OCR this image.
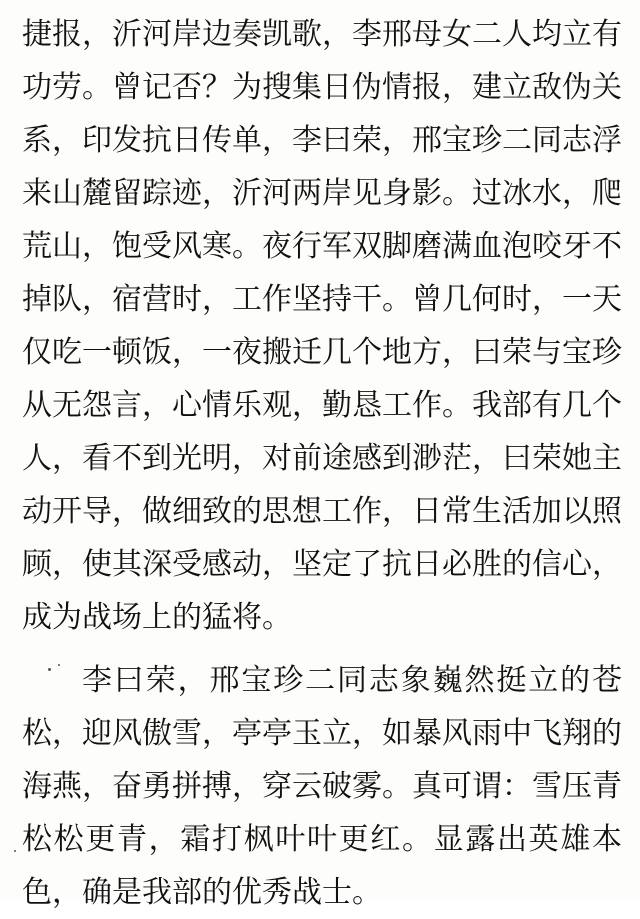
捷报，沂河岸边奏凯歌，李邢母女二人均立有
功劳。曾记否？为搜集日伪情报，建立敌伪关
系，印发抗日传单，李曰荣，邢宝珍二同志浮
来山麓留踪迹，沂河两岸见身影。过冰水，爬
荒山，饱受风寒。夜行军双脚磨满血泡咬牙不
掉队，宿营时，工作坚持干。曾几何时，一天
仅吃一顿饭，一夜搬迁几个地方，曰荣与宝珍
从无怨言，心情乐观，勤恳工作。我部有几个
人，看不到光明，对前途感到渺茫，曰荣她主
动开导，做细致的思想工作，日常生活加以照
顾，使其深受感动，坚定了抗日必胜的信心，
成为战场上的猛将。
李曰荣，邢宝珍二同志象巍然挺立的苍
松，迎风傲雪，亭亭玉立，如暴风雨中飞翔的
海燕，奋勇拼搏，穿云破雾。真可谓：雪压青
松松更青，霜打枫叶叶更红。显露出英雄本
色，确是我部的优秀战士。
